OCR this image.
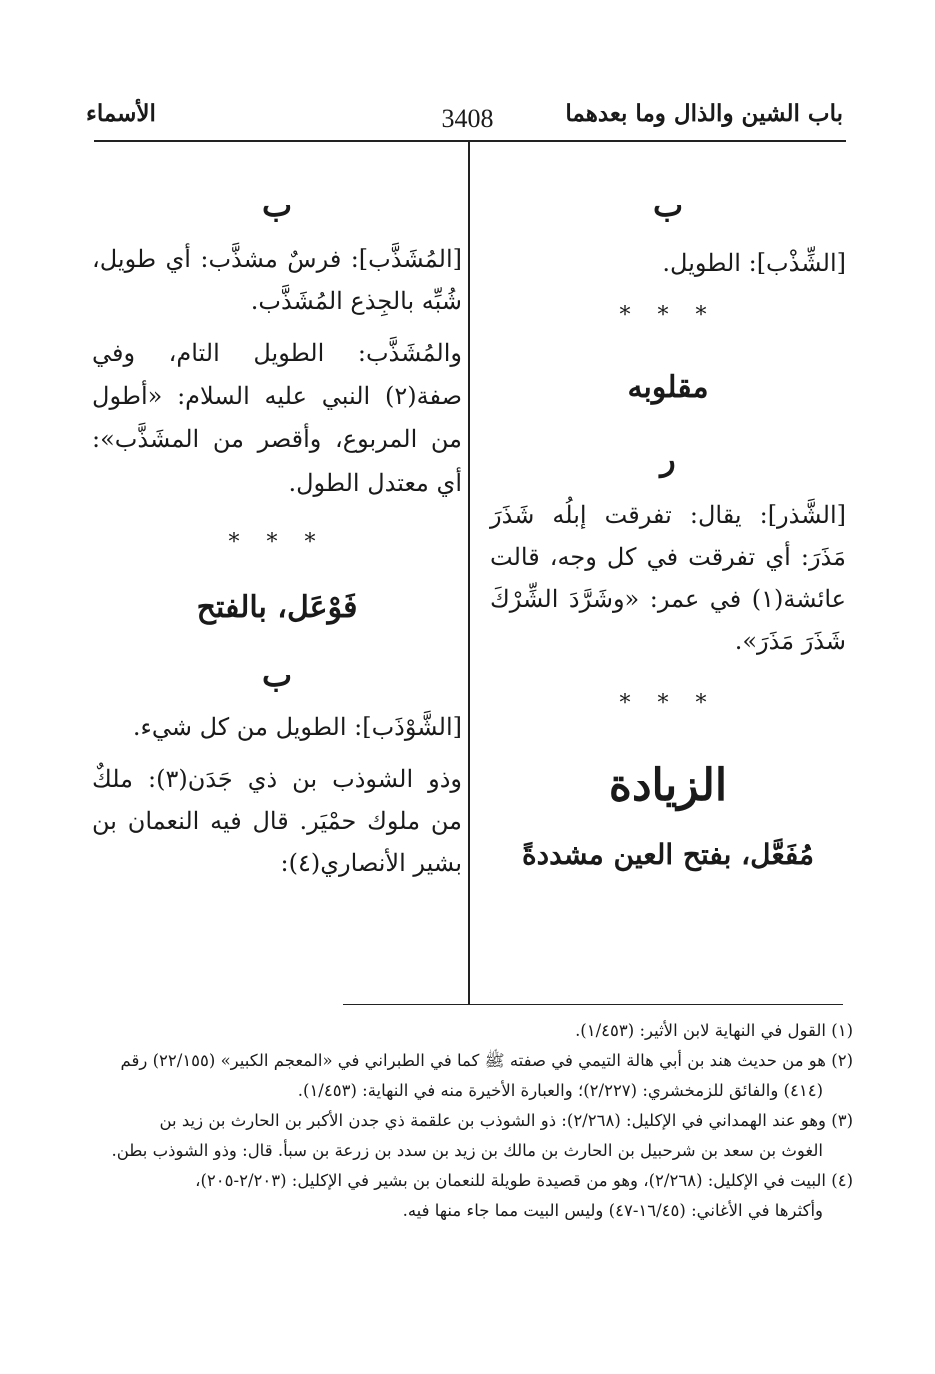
باب الشين والذال وما بعدهما
3408
الأسماء
ب

[الشِّذْب]: الطويل.

* * *
مقلوبه
ر

[الشَّذر]: يقال: تفرقت إبلُه شَذَرَ مَذَرَ: أي تفرقت في كل وجه، قالت عائشة(١) في عمر: «وشَرَّدَ الشِّرْكَ شَذَرَ مَذَرَ».

* * *
الزيادة
مُفَعَّل، بفتح العين مشددةً
ب

[المُشَذَّب]: فرسٌ مشذَّب: أي طويل، شُبِّه بالجِذع المُشَذَّب.

والمُشَذَّب: الطويل التام، وفي صفة(٢) النبي عليه السلام: «أطول من المربوع، وأقصر من المشَذَّب»: أي معتدل الطول.

* * *
فَوْعَل، بالفتح
ب

[الشَّوْذَب]: الطويل من كل شيء.

وذو الشوذب بن ذي جَدَن(٣): ملكٌ من ملوك حمْيَر. قال فيه النعمان بن بشير الأنصاري(٤):

(١) القول في النهاية لابن الأثير: (١/٤٥٣).

(٢) هو من حديث هند بن أبي هالة التيمي في صفته ﷺ كما في الطبراني في «المعجم الكبير» (٢٢/١٥٥) رقم

(٤١٤) والفائق للزمخشري: (٢/٢٢٧)؛ والعبارة الأخيرة منه في النهاية: (١/٤٥٣).

(٣) وهو عند الهمداني في الإكليل: (٢/٢٦٨): ذو الشوذب بن علقمة ذي جدن الأكبر بن الحارث بن زيد بن

الغوث بن سعد بن شرحبيل بن الحارث بن مالك بن زيد بن سدد بن زرعة بن سبأ. قال: وذو الشوذب بطن.

(٤) البيت في الإكليل: (٢/٢٦٨)، وهو من قصيدة طويلة للنعمان بن بشير في الإكليل: (٢/٢٠٣-٢٠٥)،

وأكثرها في الأغاني: (١٦/٤٥-٤٧) وليس البيت مما جاء منها فيه.
